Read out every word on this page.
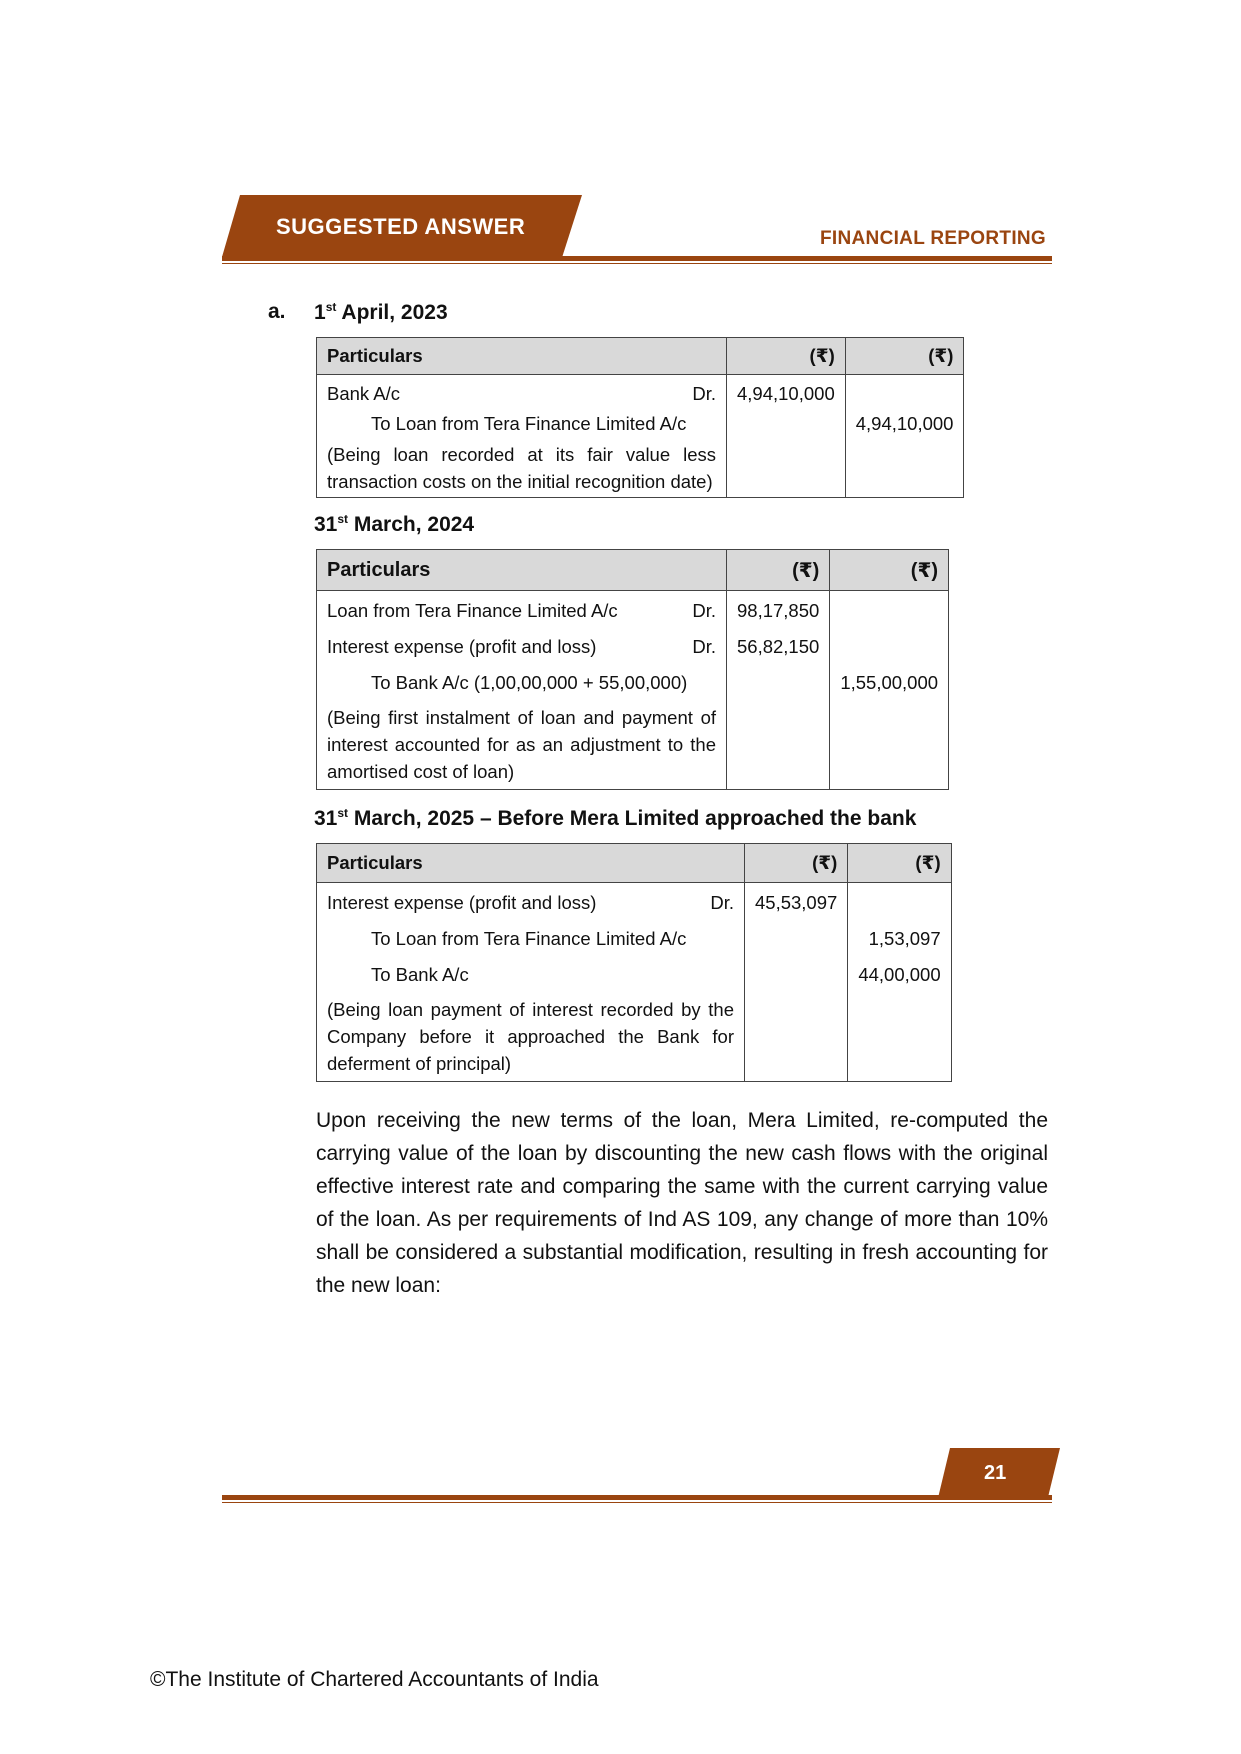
SUGGESTED ANSWER	FINANCIAL REPORTING
a. 1st April, 2023
Particulars	(₹)	(₹)

Bank A/c Dr.	4,94,10,000	

To Loan from Tera Finance Limited A/c		4,94,10,000

(Being loan recorded at its fair value less transaction costs on the initial recognition date)		

31st March, 2024
Particulars	(₹)	(₹)

Loan from Tera Finance Limited A/c Dr.	98,17,850	

Interest expense (profit and loss) Dr.	56,82,150	

To Bank A/c (1,00,00,000 + 55,00,000)		1,55,00,000

(Being first instalment of loan and payment of interest accounted for as an adjustment to the amortised cost of loan)		

31st March, 2025 – Before Mera Limited approached the bank
Particulars	(₹)	(₹)

Interest expense (profit and loss) Dr.	45,53,097	

To Loan from Tera Finance Limited A/c		1,53,097

To Bank A/c		44,00,000

(Being loan payment of interest recorded by the Company before it approached the Bank for deferment of principal)		

Upon receiving the new terms of the loan, Mera Limited, re-computed the carrying value of the loan by discounting the new cash flows with the original effective interest rate and comparing the same with the current carrying value of the loan. As per requirements of Ind AS 109, any change of more than 10% shall be considered a substantial modification, resulting in fresh accounting for the new loan:

21
©The Institute of Chartered Accountants of India
